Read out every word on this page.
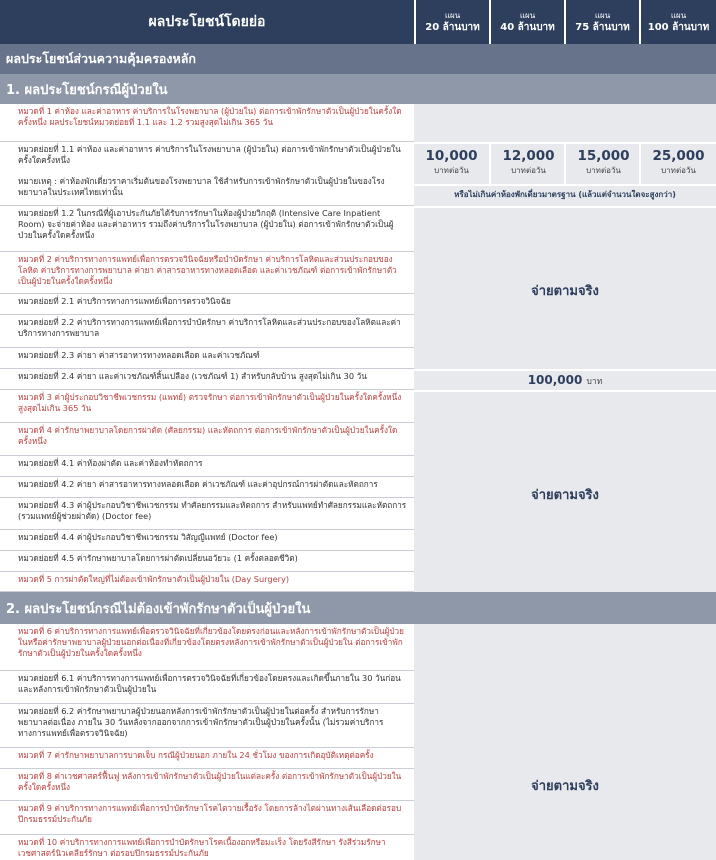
ผลประโยชน์โดยย่อ	แผน
20 ล้านบาท
แผน
40 ล้านบาท
แผน
75 ล้านบาท
แผน
100 ล้านบาท
ผลประโยชน์ส่วนความคุ้มครองหลัก
1. ผลประโยชน์กรณีผู้ป่วยใน
10,000
บาทต่อวัน
12,000
บาทต่อวัน
15,000
บาทต่อวัน
25,000
บาทต่อวัน
หรือไม่เกินค่าห้องพักเดี่ยวมาตรฐาน (แล้วแต่จำนวนใดจะสูงกว่า)
จ่ายตามจริง
100,000 บาท
จ่ายตามจริง
หมวดที่ 1 ค่าห้อง และค่าอาหาร ค่าบริการในโรงพยาบาล (ผู้ป่วยใน) ต่อการเข้าพักรักษาตัวเป็นผู้ป่วยในครั้งใดครั้งหนึ่ง ผลประโยชน์หมวดย่อยที่ 1.1 และ 1.2 รวมสูงสุดไม่เกิน 365 วัน
หมวดย่อยที่ 1.1 ค่าห้อง และค่าอาหาร ค่าบริการในโรงพยาบาล (ผู้ป่วยใน) ต่อการเข้าพักรักษาตัวเป็นผู้ป่วยในครั้งใดครั้งหนึ่ง
หมายเหตุ : ค่าห้องพักเดี่ยวราคาเริ่มต้นของโรงพยาบาล ใช้สำหรับการเข้าพักรักษาตัวเป็นผู้ป่วยในของโรงพยาบาลในประเทศไทยเท่านั้น
หมวดย่อยที่ 1.2 ในกรณีที่ผู้เอาประกันภัยได้รับการรักษาในห้องผู้ป่วยวิกฤติ (Intensive Care Inpatient Room) จะจ่ายค่าห้อง และค่าอาหาร รวมถึงค่าบริการในโรงพยาบาล (ผู้ป่วยใน) ต่อการเข้าพักรักษาตัวเป็นผู้ป่วยในครั้งใดครั้งหนึ่ง
หมวดที่ 2 ค่าบริการทางการแพทย์เพื่อการตรวจวินิจฉัยหรือบำบัดรักษา ค่าบริการโลหิตและส่วนประกอบของโลหิต ค่าบริการทางการพยาบาล ค่ายา ค่าสารอาหารทางหลอดเลือด และค่าเวชภัณฑ์ ต่อการเข้าพักรักษาตัวเป็นผู้ป่วยในครั้งใดครั้งหนึ่ง
หมวดย่อยที่ 2.1 ค่าบริการทางการแพทย์เพื่อการตรวจวินิจฉัย
หมวดย่อยที่ 2.2 ค่าบริการทางการแพทย์เพื่อการบำบัดรักษา ค่าบริการโลหิตและส่วนประกอบของโลหิตและค่าบริการทางการพยาบาล
หมวดย่อยที่ 2.3 ค่ายา ค่าสารอาหารทางหลอดเลือด และค่าเวชภัณฑ์
หมวดย่อยที่ 2.4 ค่ายา และค่าเวชภัณฑ์สิ้นเปลือง (เวชภัณฑ์ 1) สำหรับกลับบ้าน สูงสุดไม่เกิน 30 วัน
หมวดที่ 3 ค่าผู้ประกอบวิชาชีพเวชกรรม (แพทย์) ตรวจรักษา ต่อการเข้าพักรักษาตัวเป็นผู้ป่วยในครั้งใดครั้งหนึ่งสูงสุดไม่เกิน 365 วัน
หมวดที่ 4 ค่ารักษาพยาบาลโดยการผ่าตัด (ศัลยกรรม) และหัตถการ ต่อการเข้าพักรักษาตัวเป็นผู้ป่วยในครั้งใดครั้งหนึ่ง
หมวดย่อยที่ 4.1 ค่าห้องผ่าตัด และค่าห้องทำหัตถการ
หมวดย่อยที่ 4.2 ค่ายา ค่าสารอาหารทางหลอดเลือด ค่าเวชภัณฑ์ และค่าอุปกรณ์การผ่าตัดและหัตถการ
หมวดย่อยที่ 4.3 ค่าผู้ประกอบวิชาชีพเวชกรรม ทำศัลยกรรมและหัตถการ สำหรับแพทย์ทำศัลยกรรมและหัตถการ (รวมแพทย์ผู้ช่วยผ่าตัด) (Doctor fee)
หมวดย่อยที่ 4.4 ค่าผู้ประกอบวิชาชีพเวชกรรม วิสัญญีแพทย์ (Doctor fee)
หมวดย่อยที่ 4.5 ค่ารักษาพยาบาลโดยการผ่าตัดเปลี่ยนอวัยวะ (1 ครั้งตลอดชีวิต)
หมวดที่ 5 การผ่าตัดใหญ่ที่ไม่ต้องเข้าพักรักษาตัวเป็นผู้ป่วยใน (Day Surgery)
2. ผลประโยชน์กรณีไม่ต้องเข้าพักรักษาตัวเป็นผู้ป่วยใน
จ่ายตามจริง
หมวดที่ 6 ค่าบริการทางการแพทย์เพื่อตรวจวินิจฉัยที่เกี่ยวข้องโดยตรงก่อนและหลังการเข้าพักรักษาตัวเป็นผู้ป่วยในหรือค่ารักษาพยาบาลผู้ป่วยนอกต่อเนื่องที่เกี่ยวข้องโดยตรงหลังการเข้าพักรักษาตัวเป็นผู้ป่วยใน ต่อการเข้าพักรักษาตัวเป็นผู้ป่วยในครั้งใดครั้งหนึ่ง
หมวดย่อยที่ 6.1 ค่าบริการทางการแพทย์เพื่อการตรวจวินิจฉัยที่เกี่ยวข้องโดยตรงและเกิดขึ้นภายใน 30 วันก่อนและหลังการเข้าพักรักษาตัวเป็นผู้ป่วยใน
หมวดย่อยที่ 6.2 ค่ารักษาพยาบาลผู้ป่วยนอกหลังการเข้าพักรักษาตัวเป็นผู้ป่วยในต่อครั้ง สำหรับการรักษาพยาบาลต่อเนื่อง ภายใน 30 วันหลังจากออกจากการเข้าพักรักษาตัวเป็นผู้ป่วยในครั้งนั้น (ไม่รวมค่าบริการทางการแพทย์เพื่อตรวจวินิจฉัย)
หมวดที่ 7 ค่ารักษาพยาบาลการบาดเจ็บ กรณีผู้ป่วยนอก ภายใน 24 ชั่วโมง ของการเกิดอุบัติเหตุต่อครั้ง
หมวดที่ 8 ค่าเวชศาสตร์ฟื้นฟู หลังการเข้าพักรักษาตัวเป็นผู้ป่วยในแต่ละครั้ง ต่อการเข้าพักรักษาตัวเป็นผู้ป่วยในครั้งใดครั้งหนึ่ง
หมวดที่ 9 ค่าบริการทางการแพทย์เพื่อการบำบัดรักษาโรคไตวายเรื้อรัง โดยการล้างไตผ่านทางเส้นเลือดต่อรอบปีกรมธรรม์ประกันภัย
หมวดที่ 10 ค่าบริการทางการแพทย์เพื่อการบำบัดรักษาโรคเนื้องอกหรือมะเร็ง โดยรังสีรักษา รังสีร่วมรักษาเวชศาสตร์นิวเคลียร์รักษา ต่อรอบปีกรมธรรม์ประกันภัย
